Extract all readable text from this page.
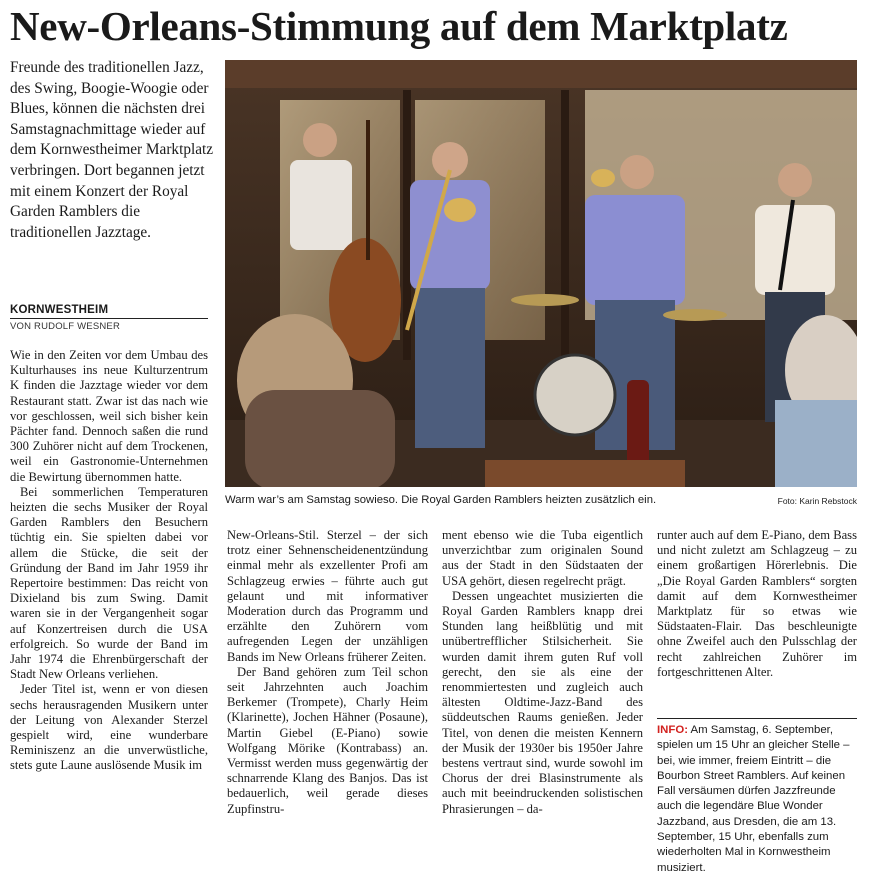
New-Orleans-Stimmung auf dem Marktplatz
Freunde des traditionellen Jazz, des Swing, Boogie-Woogie oder Blues, können die nächsten drei Samstagnachmittage wieder auf dem Kornwestheimer Marktplatz verbringen. Dort begannen jetzt mit einem Konzert der Royal Garden Ramblers die traditionellen Jazztage.
KORNWESTHEIM
VON RUDOLF WESNER

Wie in den Zeiten vor dem Umbau des Kulturhauses ins neue Kulturzentrum K finden die Jazztage wieder vor dem Restaurant statt. Zwar ist das nach wie vor geschlossen, weil sich bisher kein Pächter fand. Dennoch saßen die rund 300 Zuhörer nicht auf dem Trockenen, weil ein Gastronomie-Unternehmen die Bewirtung übernommen hatte.

Bei sommerlichen Temperaturen heizten die sechs Musiker der Royal Garden Ramblers den Besuchern tüchtig ein. Sie spielten dabei vor allem die Stücke, die seit der Gründung der Band im Jahr 1959 ihr Repertoire bestimmen: Das reicht von Dixieland bis zum Swing. Damit waren sie in der Vergangenheit sogar auf Konzertreisen durch die USA erfolgreich. So wurde der Band im Jahr 1974 die Ehrenbürgerschaft der Stadt New Orleans verliehen.

Jeder Titel ist, wenn er von diesen sechs herausragenden Musikern unter der Leitung von Alexander Sterzel gespielt wird, eine wunderbare Reminiszenz an die unverwüstliche, stets gute Laune auslösende Musik im

New-Orleans-Stil. Sterzel – der sich trotz einer Sehnenscheidenentzündung einmal mehr als exzellenter Profi am Schlagzeug erwies – führte auch gut gelaunt und mit informativer Moderation durch das Programm und erzählte den Zuhörern vom aufregenden Legen der unzähligen Bands im New Orleans früherer Zeiten.

Der Band gehören zum Teil schon seit Jahrzehnten auch Joachim Berkemer (Trompete), Charly Heim (Klarinette), Jochen Hähner (Posaune), Martin Giebel (E-Piano) sowie Wolfgang Mörike (Kontrabass) an. Vermisst werden muss gegenwärtig der schnarrende Klang des Banjos. Das ist bedauerlich, weil gerade dieses Zupfinstru-

ment ebenso wie die Tuba eigentlich unverzichtbar zum originalen Sound aus der Stadt in den Südstaaten der USA gehört, diesen regelrecht prägt.

Dessen ungeachtet musizierten die Royal Garden Ramblers knapp drei Stunden lang heißblütig und mit unübertrefflicher Stilsicherheit. Sie wurden damit ihrem guten Ruf voll gerecht, den sie als eine der renommiertesten und zugleich auch ältesten Oldtime-Jazz-Band des süddeutschen Raums genießen. Jeder Titel, von denen die meisten Kennern der Musik der 1930er bis 1950er Jahre bestens vertraut sind, wurde sowohl im Chorus der drei Blasinstrumente als auch mit beeindruckenden solistischen Phrasierungen – da-

runter auch auf dem E-Piano, dem Bass und nicht zuletzt am Schlagzeug – zu einem großartigen Hörerlebnis. Die „Die Royal Garden Ramblers“ sorgten damit auf dem Kornwestheimer Marktplatz für so etwas wie Südstaaten-Flair. Das beschleunigte ohne Zweifel auch den Pulsschlag der recht zahlreichen Zuhörer im fortgeschrittenen Alter.

Warm war’s am Samstag sowieso. Die Royal Garden Ramblers heizten zusätzlich ein.	Foto: Karin Rebstock
INFO: Am Samstag, 6. September, spielen um 15 Uhr an gleicher Stelle – bei, wie immer, freiem Eintritt – die Bourbon Street Ramblers. Auf keinen Fall versäumen dürfen Jazzfreunde auch die legendäre Blue Wonder Jazzband, aus Dresden, die am 13. September, 15 Uhr, ebenfalls zum wiederholten Mal in Kornwestheim musiziert.
